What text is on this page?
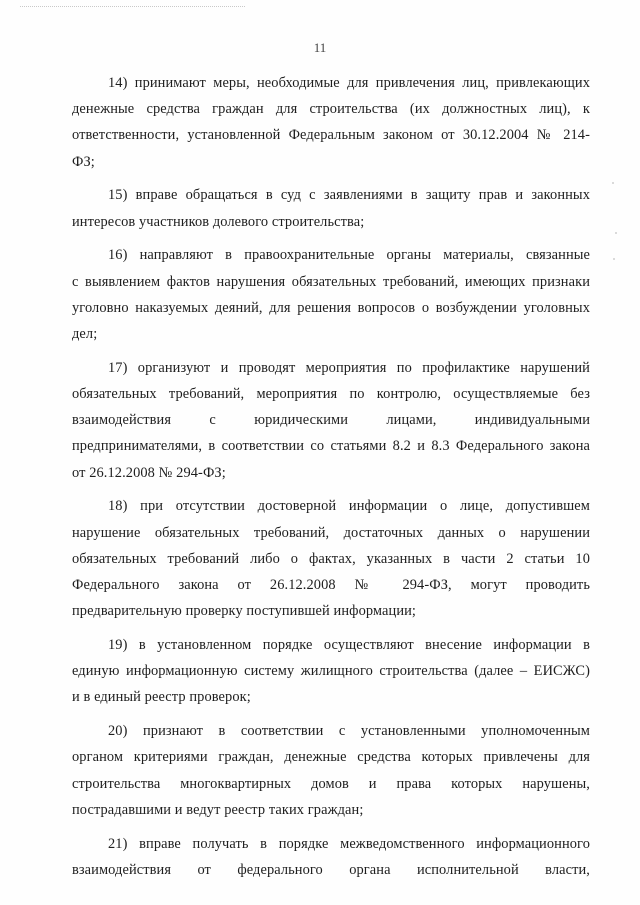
11

14) принимают меры, необходимые для привлечения лиц, привлекающих
денежные средства граждан для строительства (их должностных лиц), к
ответственности, установленной Федеральным законом от 30.12.2004 № 214-
ФЗ;

15) вправе обращаться в суд с заявлениями в защиту прав и законных
интересов участников долевого строительства;

16) направляют в правоохранительные органы материалы, связанные
с выявлением фактов нарушения обязательных требований, имеющих признаки
уголовно наказуемых деяний, для решения вопросов о возбуждении уголовных
дел;

17) организуют и проводят мероприятия по профилактике нарушений
обязательных требований, мероприятия по контролю, осуществляемые без
взаимодействия с юридическими лицами, индивидуальными
предпринимателями, в соответствии со статьями 8.2 и 8.3 Федерального закона
от 26.12.2008 № 294-ФЗ;

18) при отсутствии достоверной информации о лице, допустившем
нарушение обязательных требований, достаточных данных о нарушении
обязательных требований либо о фактах, указанных в части 2 статьи 10
Федерального закона от 26.12.2008 № 294-ФЗ, могут проводить
предварительную проверку поступившей информации;

19) в установленном порядке осуществляют внесение информации в
единую информационную систему жилищного строительства (далее – ЕИСЖС)
и в единый реестр проверок;

20) признают в соответствии с установленными уполномоченным
органом критериями граждан, денежные средства которых привлечены для
строительства многоквартирных домов и права которых нарушены,
пострадавшими и ведут реестр таких граждан;

21) вправе получать в порядке межведомственного информационного
взаимодействия от федерального органа исполнительной власти,
